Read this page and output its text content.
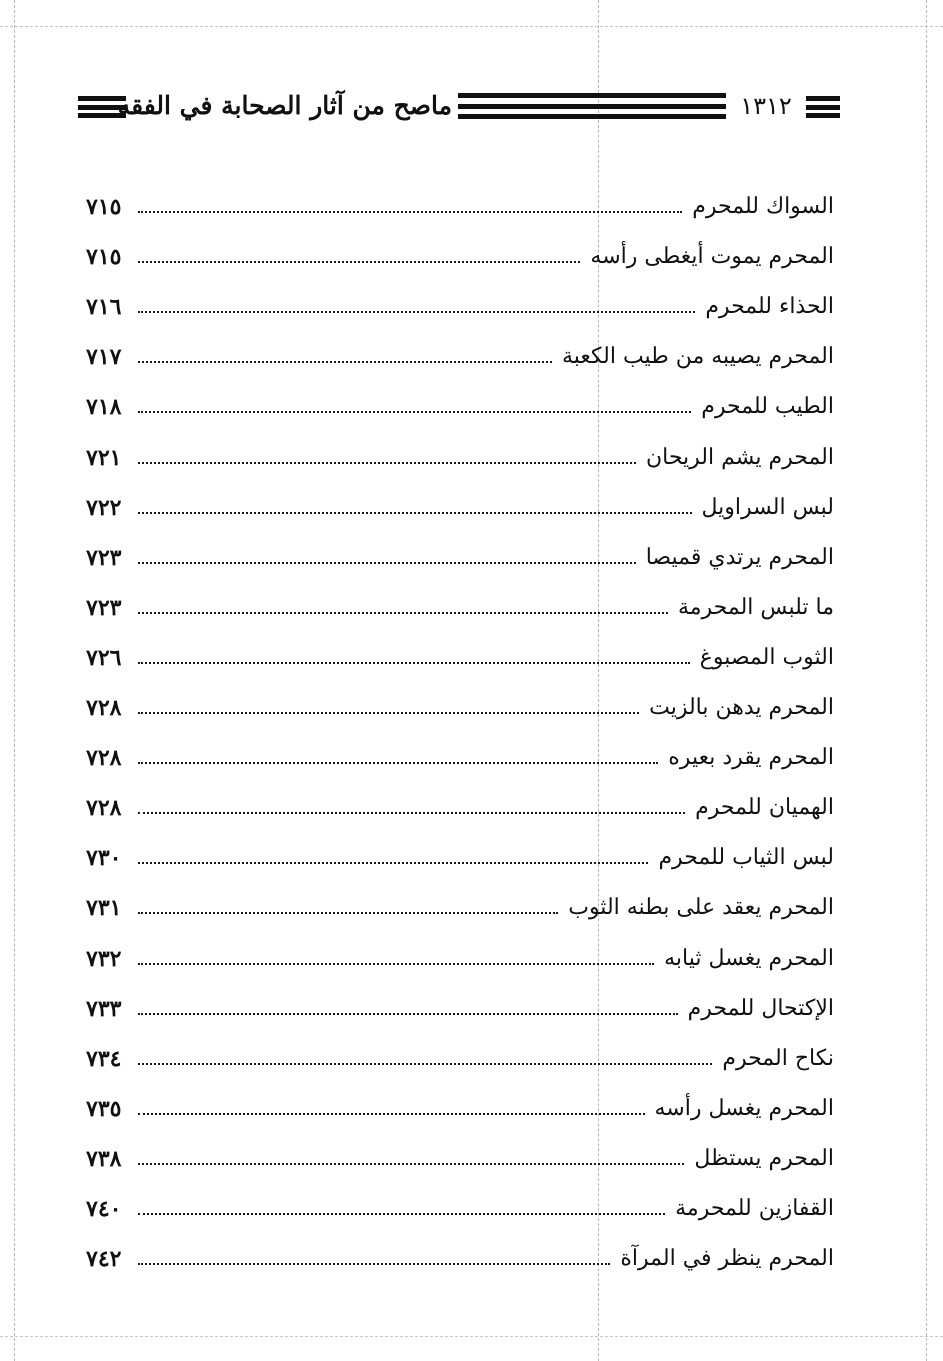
ماصح من آثار الصحابة في الفقه	١٣١٢
السواك للمحرم
٧١٥
المحرم يموت أيغطى رأسه
٧١٥
الحذاء للمحرم
٧١٦
المحرم يصيبه من طيب الكعبة
٧١٧
الطيب للمحرم
٧١٨
المحرم يشم الريحان
٧٢١
لبس السراويل
٧٢٢
المحرم يرتدي قميصا
٧٢٣
ما تلبس المحرمة
٧٢٣
الثوب المصبوغ
٧٢٦
المحرم يدهن بالزيت
٧٢٨
المحرم يقرد بعيره
٧٢٨
الهميان للمحرم
٧٢٨
لبس الثياب للمحرم
٧٣٠
المحرم يعقد على بطنه الثوب
٧٣١
المحرم يغسل ثيابه
٧٣٢
الإكتحال للمحرم
٧٣٣
نكاح المحرم
٧٣٤
المحرم يغسل رأسه
٧٣٥
المحرم يستظل
٧٣٨
القفازين للمحرمة
٧٤٠
المحرم ينظر في المرآة
٧٤٢
